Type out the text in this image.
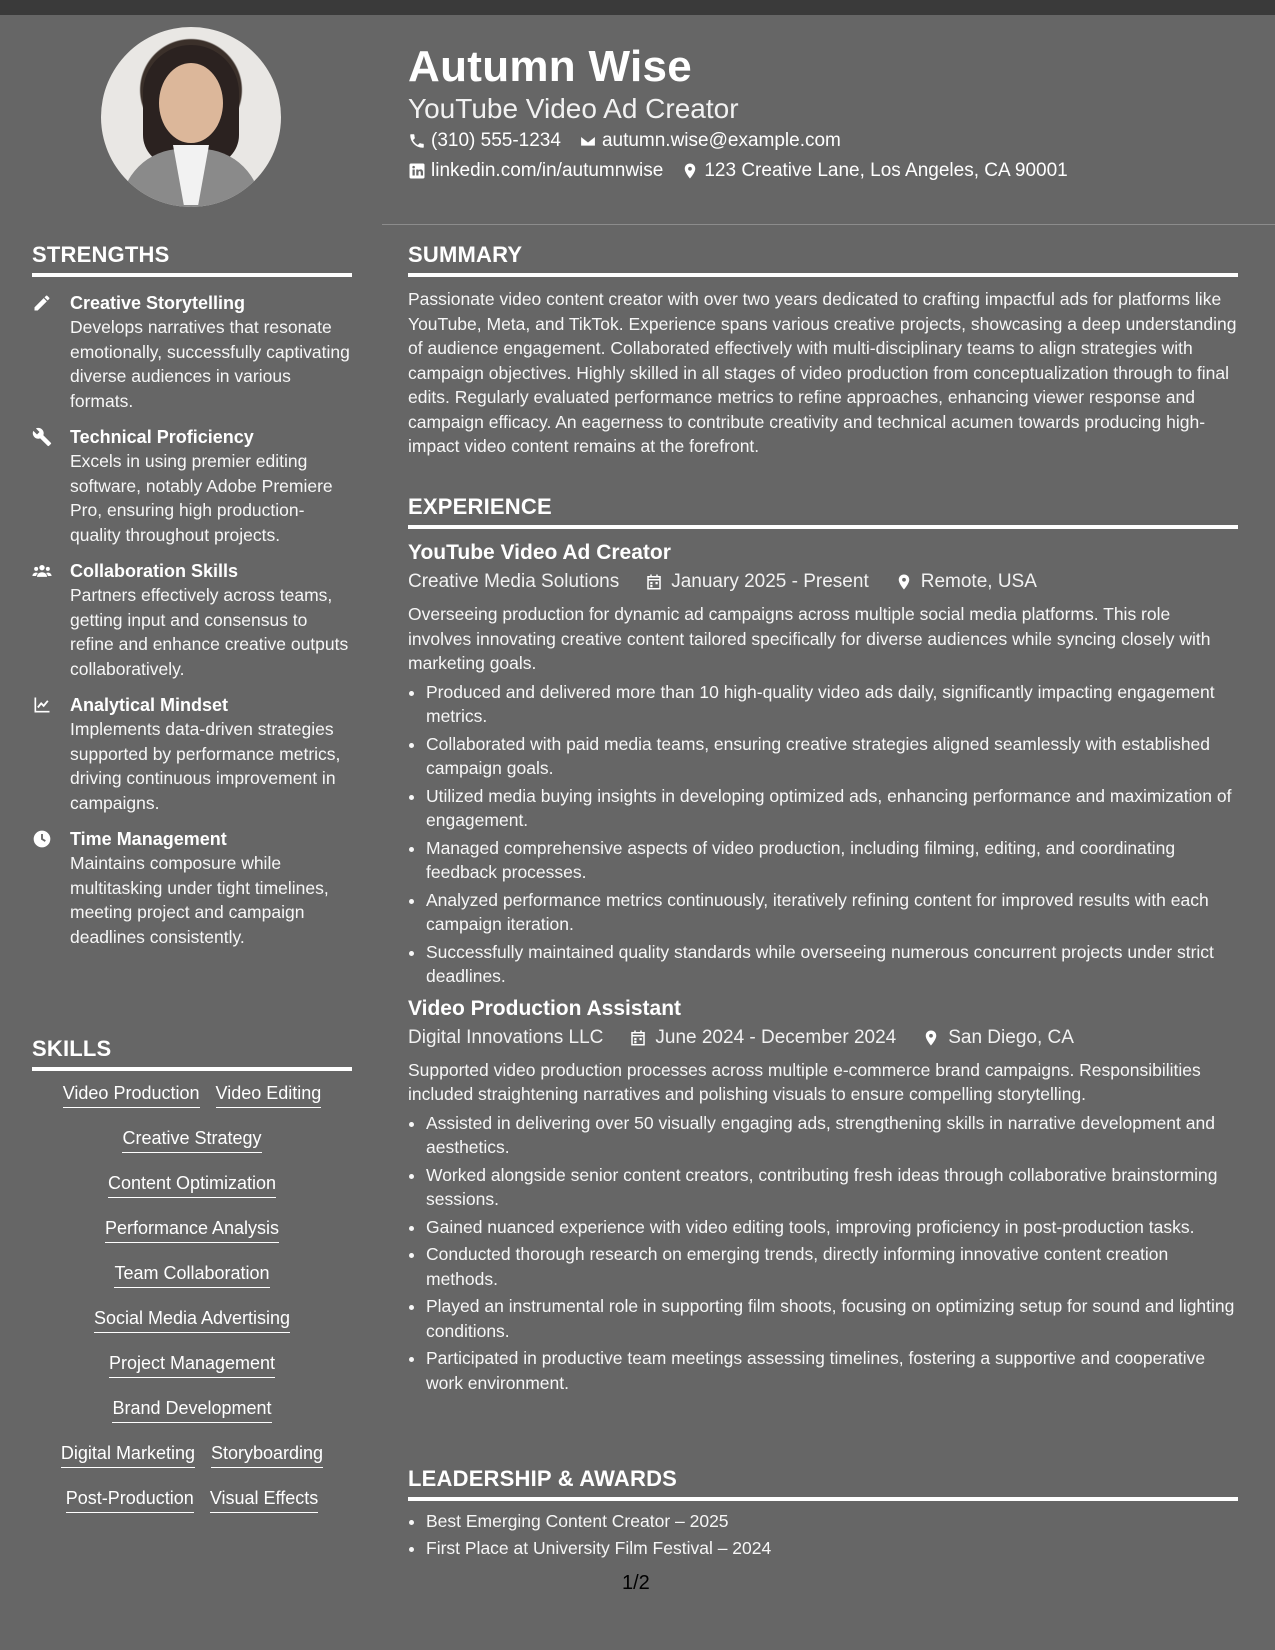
Autumn Wise
YouTube Video Ad Creator
(310) 555-1234 autumn.wise@example.com
linkedin.com/in/autumnwise 123 Creative Lane, Los Angeles, CA 90001
STRENGTHS
Creative Storytelling
Develops narratives that resonate emotionally, successfully captivating diverse audiences in various formats.
Technical Proficiency
Excels in using premier editing software, notably Adobe Premiere Pro, ensuring high production-quality throughout projects.
Collaboration Skills
Partners effectively across teams, getting input and consensus to refine and enhance creative outputs collaboratively.
Analytical Mindset
Implements data-driven strategies supported by performance metrics, driving continuous improvement in campaigns.
Time Management
Maintains composure while multitasking under tight timelines, meeting project and campaign deadlines consistently.
SKILLS
Video Production Video Editing
Creative Strategy
Content Optimization
Performance Analysis
Team Collaboration
Social Media Advertising
Project Management
Brand Development
Digital Marketing Storyboarding
Post-Production Visual Effects
SUMMARY
Passionate video content creator with over two years dedicated to crafting impactful ads for platforms like YouTube, Meta, and TikTok. Experience spans various creative projects, showcasing a deep understanding of audience engagement. Collaborated effectively with multi-disciplinary teams to align strategies with campaign objectives. Highly skilled in all stages of video production from conceptualization through to final edits. Regularly evaluated performance metrics to refine approaches, enhancing viewer response and campaign efficacy. An eagerness to contribute creativity and technical acumen towards producing high-impact video content remains at the forefront.
EXPERIENCE
YouTube Video Ad Creator
Creative Media Solutions	January 2025 - Present	Remote, USA
Overseeing production for dynamic ad campaigns across multiple social media platforms. This role involves innovating creative content tailored specifically for diverse audiences while syncing closely with marketing goals.
• Produced and delivered more than 10 high-quality video ads daily, significantly impacting engagement metrics.
• Collaborated with paid media teams, ensuring creative strategies aligned seamlessly with established campaign goals.
• Utilized media buying insights in developing optimized ads, enhancing performance and maximization of engagement.
• Managed comprehensive aspects of video production, including filming, editing, and coordinating feedback processes.
• Analyzed performance metrics continuously, iteratively refining content for improved results with each campaign iteration.
• Successfully maintained quality standards while overseeing numerous concurrent projects under strict deadlines.
Video Production Assistant
Digital Innovations LLC	June 2024 - December 2024	San Diego, CA
Supported video production processes across multiple e-commerce brand campaigns. Responsibilities included straightening narratives and polishing visuals to ensure compelling storytelling.
• Assisted in delivering over 50 visually engaging ads, strengthening skills in narrative development and aesthetics.
• Worked alongside senior content creators, contributing fresh ideas through collaborative brainstorming sessions.
• Gained nuanced experience with video editing tools, improving proficiency in post-production tasks.
• Conducted thorough research on emerging trends, directly informing innovative content creation methods.
• Played an instrumental role in supporting film shoots, focusing on optimizing setup for sound and lighting conditions.
• Participated in productive team meetings assessing timelines, fostering a supportive and cooperative work environment.
LEADERSHIP & AWARDS
• Best Emerging Content Creator – 2025
• First Place at University Film Festival – 2024
1/2
